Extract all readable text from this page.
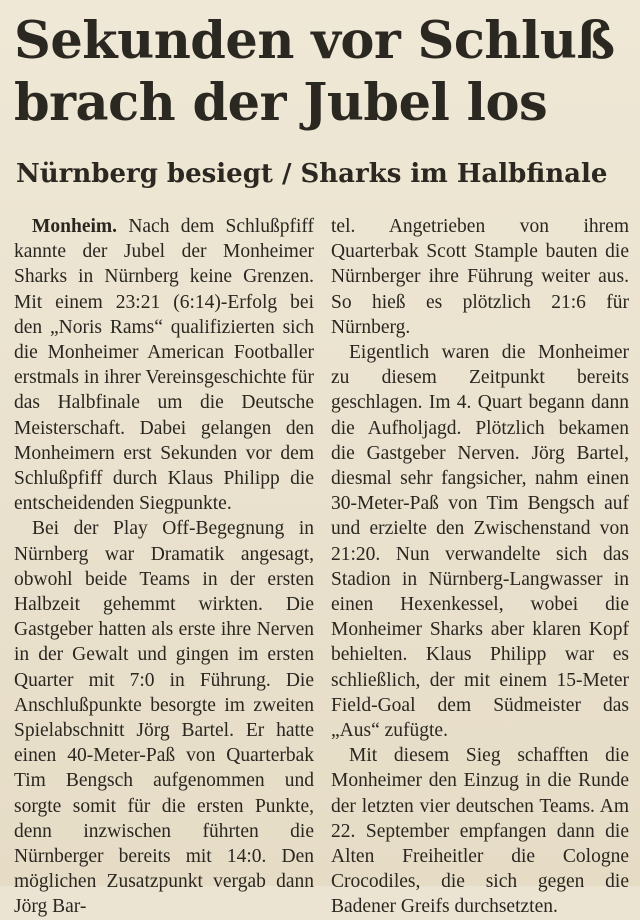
Sekunden vor Schluß
brach der Jubel los
Nürnberg besiegt / Sharks im Halbfinale

Monheim. Nach dem Schlußpfiff kannte der Jubel der Monheimer Sharks in Nürnberg keine Grenzen. Mit einem 23:21 (6:14)-Erfolg bei den „Noris Rams“ qualifizierten sich die Monheimer American Footballer erstmals in ihrer Vereinsgeschichte für das Halbfinale um die Deutsche Meisterschaft. Dabei gelangen den Monheimern erst Sekunden vor dem Schlußpfiff durch Klaus Philipp die entscheidenden Siegpunkte.

Bei der Play Off-Begegnung in Nürnberg war Dramatik angesagt, obwohl beide Teams in der ersten Halbzeit gehemmt wirkten. Die Gastgeber hatten als erste ihre Nerven in der Gewalt und gingen im ersten Quarter mit 7:0 in Führung. Die Anschlußpunkte besorgte im zweiten Spielabschnitt Jörg Bartel. Er hatte einen 40-Meter-Paß von Quarterbak Tim Bengsch aufgenommen und sorgte somit für die ersten Punkte, denn inzwischen führten die Nürnberger bereits mit 14:0. Den möglichen Zusatzpunkt vergab dann Jörg Bar-

tel. Angetrieben von ihrem Quarterbak Scott Stample bauten die Nürnberger ihre Führung weiter aus. So hieß es plötzlich 21:6 für Nürnberg.

Eigentlich waren die Monheimer zu diesem Zeitpunkt bereits geschlagen. Im 4. Quart begann dann die Aufholjagd. Plötzlich bekamen die Gastgeber Nerven. Jörg Bartel, diesmal sehr fangsicher, nahm einen 30-Meter-Paß von Tim Bengsch auf und erzielte den Zwischenstand von 21:20. Nun verwandelte sich das Stadion in Nürnberg-Langwasser in einen Hexenkessel, wobei die Monheimer Sharks aber klaren Kopf behielten. Klaus Philipp war es schließlich, der mit einem 15-Meter Field-Goal dem Südmeister das „Aus“ zufügte.

Mit diesem Sieg schafften die Monheimer den Einzug in die Runde der letzten vier deutschen Teams. Am 22. September empfangen dann die Alten Freiheitler die Cologne Crocodiles, die sich gegen die Badener Greifs durchsetzten.
